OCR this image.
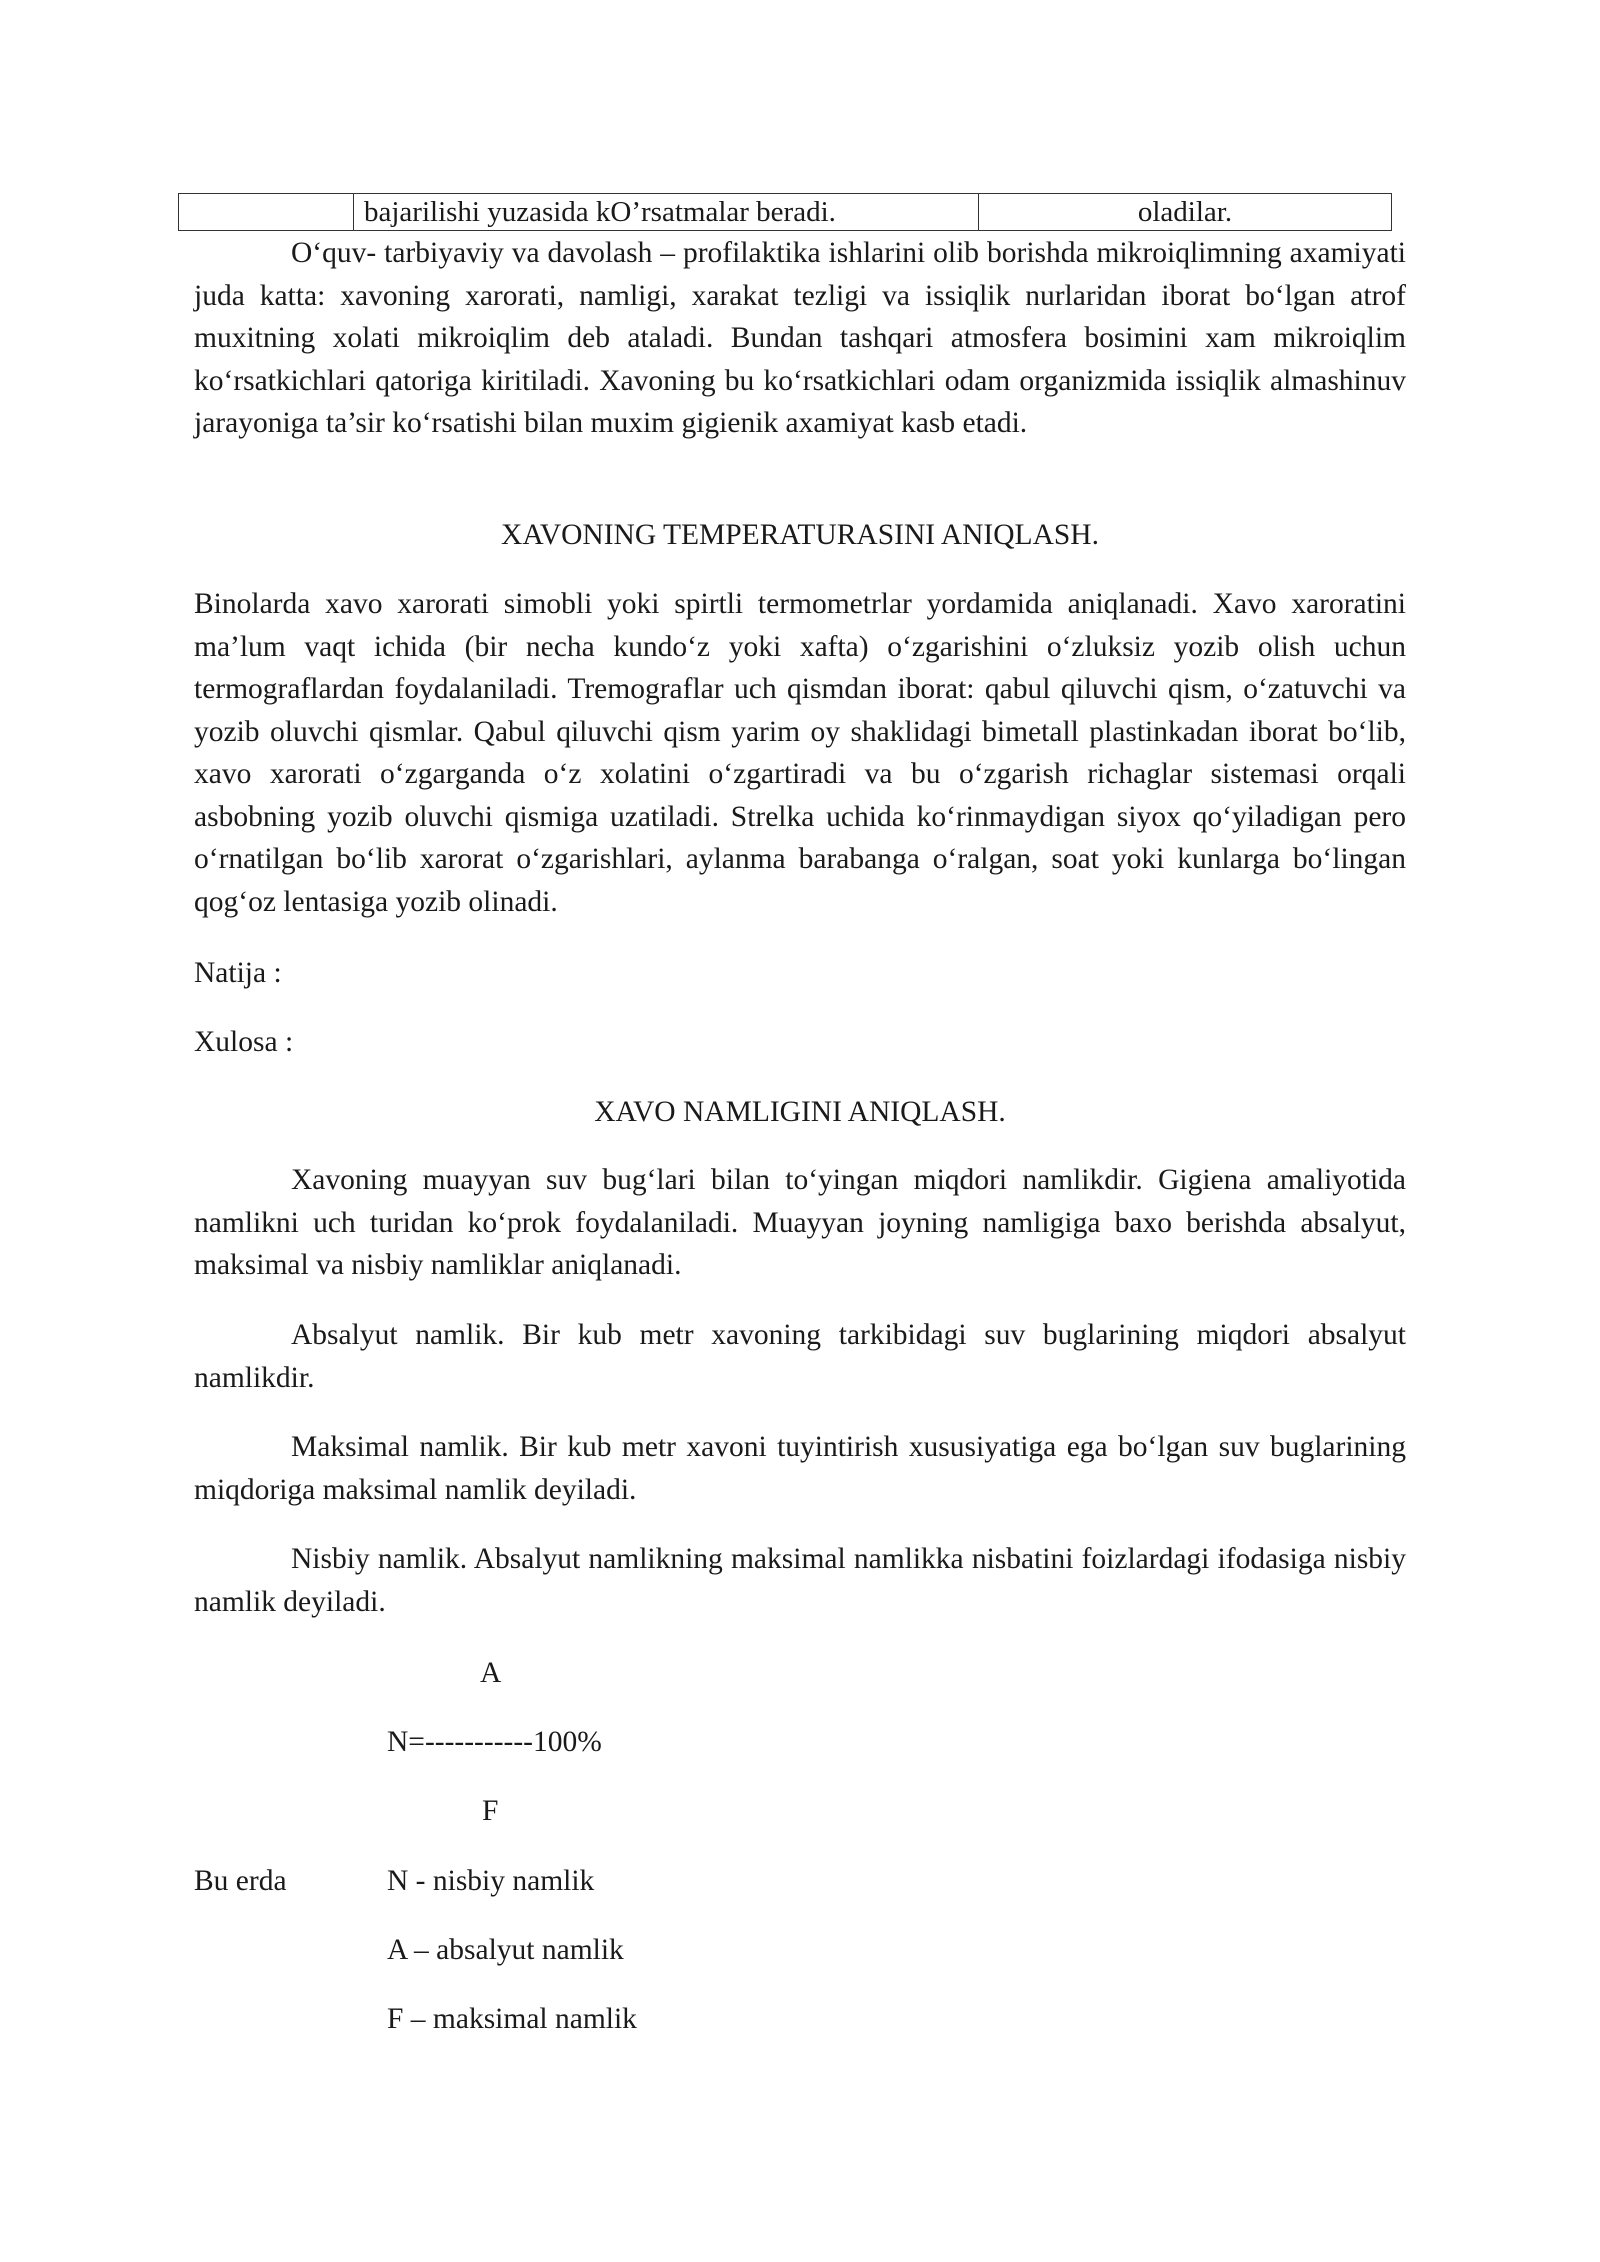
	bajarilishi yuzasida kO’rsatmalar beradi.	oladilar.

O‘quv- tarbiyaviy va davolash – profilaktika ishlarini olib borishda mikroiqlimning axamiyati juda katta: xavoning xarorati, namligi, xarakat tezligi va issiqlik nurlaridan iborat bo‘lgan atrof muxitning xolati mikroiqlim deb ataladi. Bundan tashqari atmosfera bosimini xam mikroiqlim ko‘rsatkichlari qatoriga kiritiladi. Xavoning bu ko‘rsatkichlari odam organizmida issiqlik almashinuv jarayoniga ta’sir ko‘rsatishi bilan muxim gigienik axamiyat kasb etadi.

XAVONING TEMPERATURASINI ANIQLASH.

Binolarda xavo xarorati simobli yoki spirtli termometrlar yordamida aniqlanadi. Xavo xaroratini ma’lum vaqt ichida (bir necha kundo‘z yoki xafta) o‘zgarishini o‘zluksiz yozib olish uchun termograflardan foydalaniladi. Tremograflar uch qismdan iborat: qabul qiluvchi qism, o‘zatuvchi va yozib oluvchi qismlar. Qabul qiluvchi qism yarim oy shaklidagi bimetall plastinkadan iborat bo‘lib, xavo xarorati o‘zgarganda o‘z xolatini o‘zgartiradi va bu o‘zgarish richaglar sistemasi orqali asbobning yozib oluvchi qismiga uzatiladi. Strelka uchida ko‘rinmaydigan siyox qo‘yiladigan pero o‘rnatilgan bo‘lib xarorat o‘zgarishlari, aylanma barabanga o‘ralgan, soat yoki kunlarga bo‘lingan qog‘oz lentasiga yozib olinadi.

Natija :
Xulosa :
XAVO NAMLIGINI ANIQLASH.

Xavoning muayyan suv bug‘lari bilan to‘yingan miqdori namlikdir. Gigiena amaliyotida namlikni uch turidan ko‘prok foydalaniladi. Muayyan joyning namligiga baxo berishda absalyut, maksimal va nisbiy namliklar aniqlanadi.

Absalyut namlik. Bir kub metr xavoning tarkibidagi suv buglarining miqdori absalyut namlikdir.

Maksimal namlik. Bir kub metr xavoni tuyintirish xususiyatiga ega bo‘lgan suv buglarining miqdoriga maksimal namlik deyiladi.

Nisbiy namlik. Absalyut namlikning maksimal namlikka nisbatini foizlardagi ifodasiga nisbiy namlik deyiladi.

A
N=-----------100%
F
Bu erda	N - nisbiy namlik
A – absalyut namlik
F – maksimal namlik
